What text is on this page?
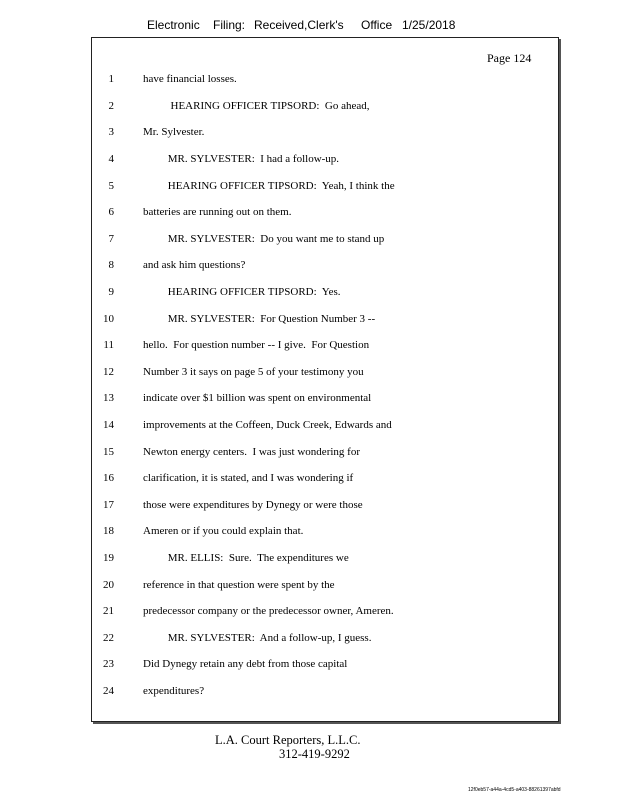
Electronic Filing: Received,Clerk's Office 1/25/2018
Page 124
1	have financial losses.
2	HEARING OFFICER TIPSORD:  Go ahead,
3	Mr. Sylvester.
4	MR. SYLVESTER:  I had a follow-up.
5	HEARING OFFICER TIPSORD:  Yeah, I think the
6	batteries are running out on them.
7	MR. SYLVESTER:  Do you want me to stand up
8	and ask him questions?
9	HEARING OFFICER TIPSORD:  Yes.
10	MR. SYLVESTER:  For Question Number 3 --
11	hello.  For question number -- I give.  For Question
12	Number 3 it says on page 5 of your testimony you
13	indicate over $1 billion was spent on environmental
14	improvements at the Coffeen, Duck Creek, Edwards and
15	Newton energy centers.  I was just wondering for
16	clarification, it is stated, and I was wondering if
17	those were expenditures by Dynegy or were those
18	Ameren or if you could explain that.
19	MR. ELLIS:  Sure.  The expenditures we
20	reference in that question were spent by the
21	predecessor company or the predecessor owner, Ameren.
22	MR. SYLVESTER:  And a follow-up, I guess.
23	Did Dynegy retain any debt from those capital
24	expenditures?
L.A. Court Reporters, L.L.C.
312-419-9292
12f0eb57-a44a-4cd5-a403-88261397abfd
